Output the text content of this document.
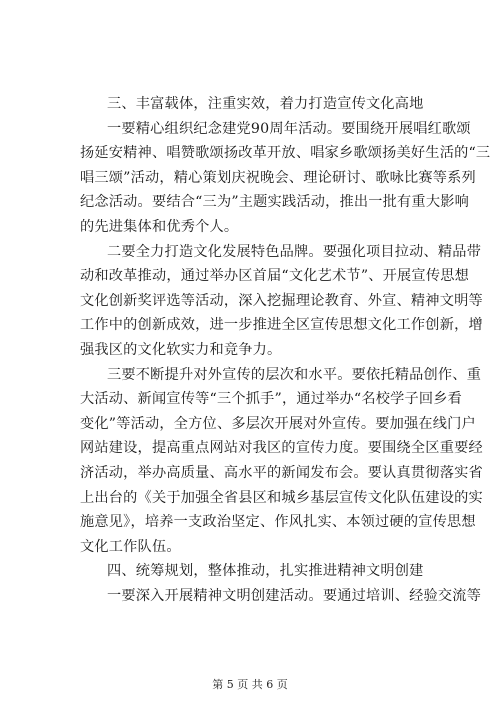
三、丰富载体，注重实效，着力打造宣传文化高地
一要精心组织纪念建党90周年活动。要围绕开展唱红歌颂
扬延安精神、唱赞歌颂扬改革开放、唱家乡歌颂扬美好生活的“三
唱三颂”活动，精心策划庆祝晚会、理论研讨、歌咏比赛等系列
纪念活动。要结合“三为”主题实践活动，推出一批有重大影响
的先进集体和优秀个人。
二要全力打造文化发展特色品牌。要强化项目拉动、精品带
动和改革推动，通过举办区首届“文化艺术节”、开展宣传思想
文化创新奖评选等活动，深入挖掘理论教育、外宣、精神文明等
工作中的创新成效，进一步推进全区宣传思想文化工作创新，增
强我区的文化软实力和竞争力。
三要不断提升对外宣传的层次和水平。要依托精品创作、重
大活动、新闻宣传等“三个抓手”，通过举办“名校学子回乡看
变化”等活动，全方位、多层次开展对外宣传。要加强在线门户
网站建设，提高重点网站对我区的宣传力度。要围绕全区重要经
济活动，举办高质量、高水平的新闻发布会。要认真贯彻落实省
上出台的《关于加强全省县区和城乡基层宣传文化队伍建设的实
施意见》，培养一支政治坚定、作风扎实、本领过硬的宣传思想
文化工作队伍。
四、统筹规划，整体推动，扎实推进精神文明创建
一要深入开展精神文明创建活动。要通过培训、经验交流等
第 5 页 共 6 页
